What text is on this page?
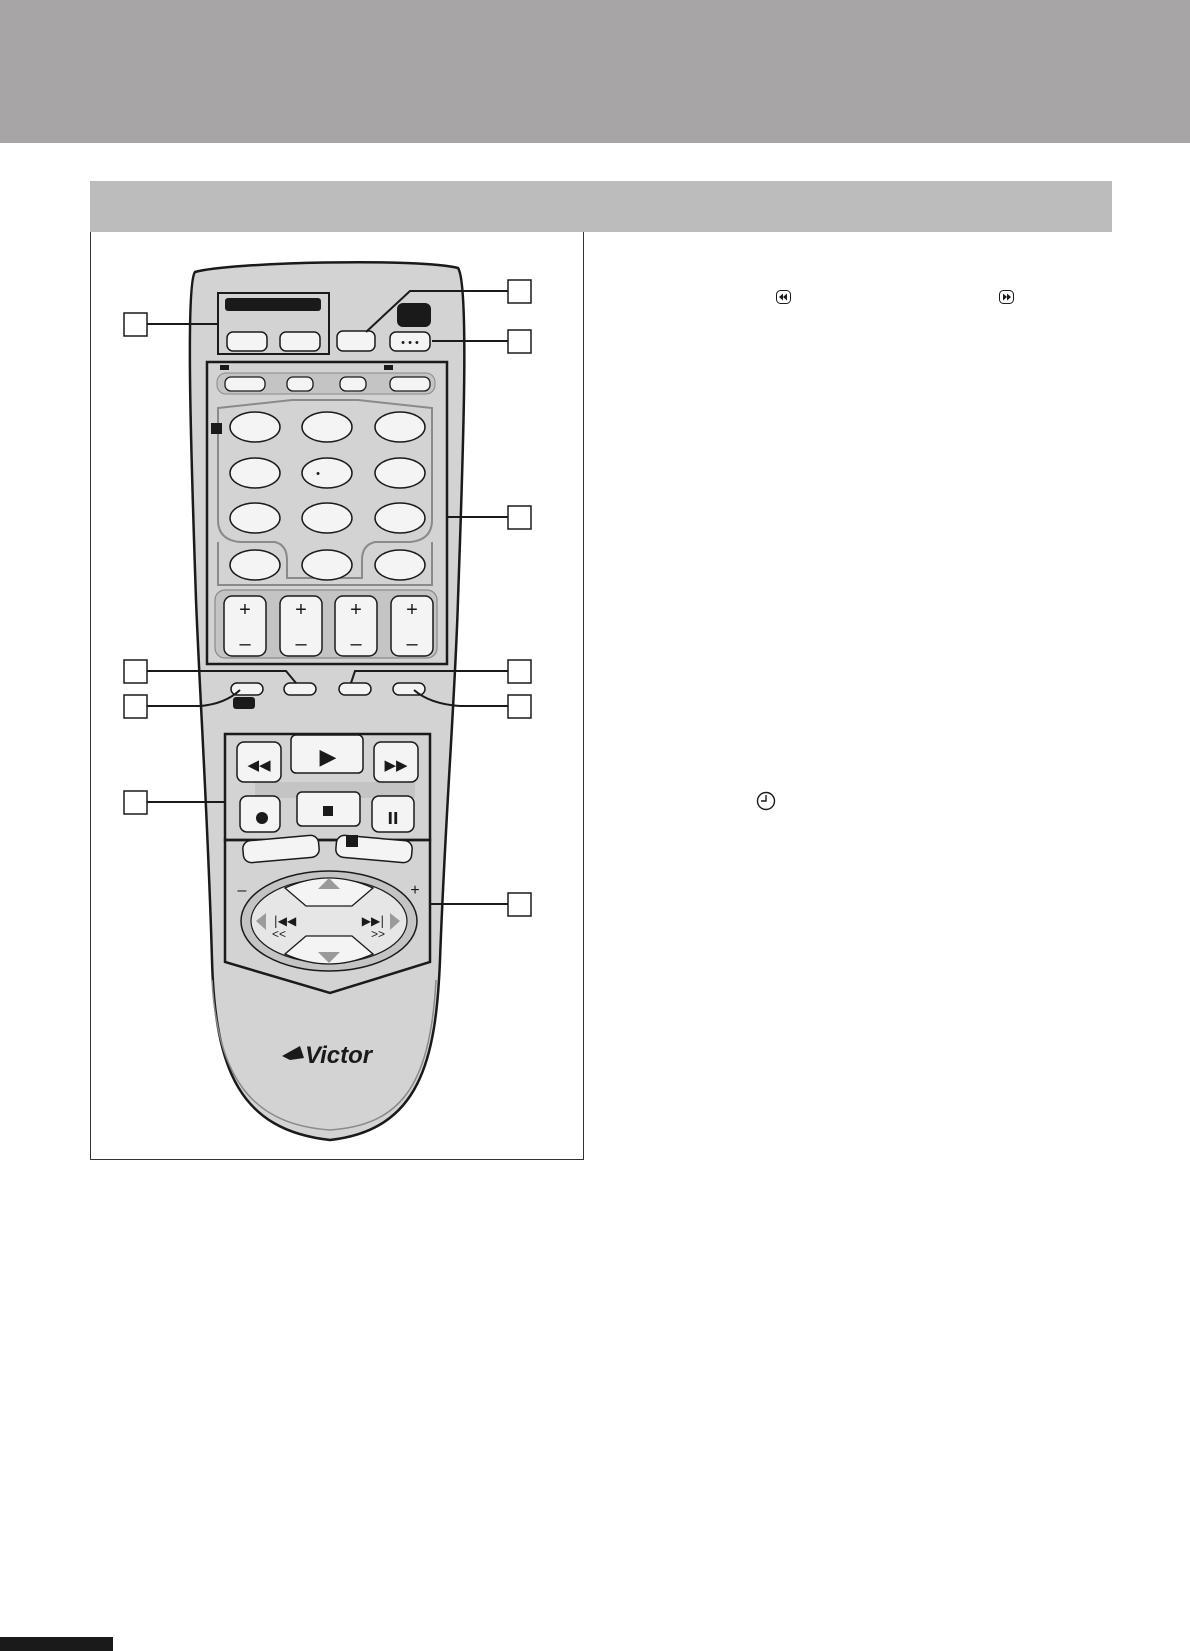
• • •
•
+
–
+
–
+
–
+
–
◀◀ ▶	▶▶
ll
–	+
|◀◀	▶▶|
<<	>>
Victor
